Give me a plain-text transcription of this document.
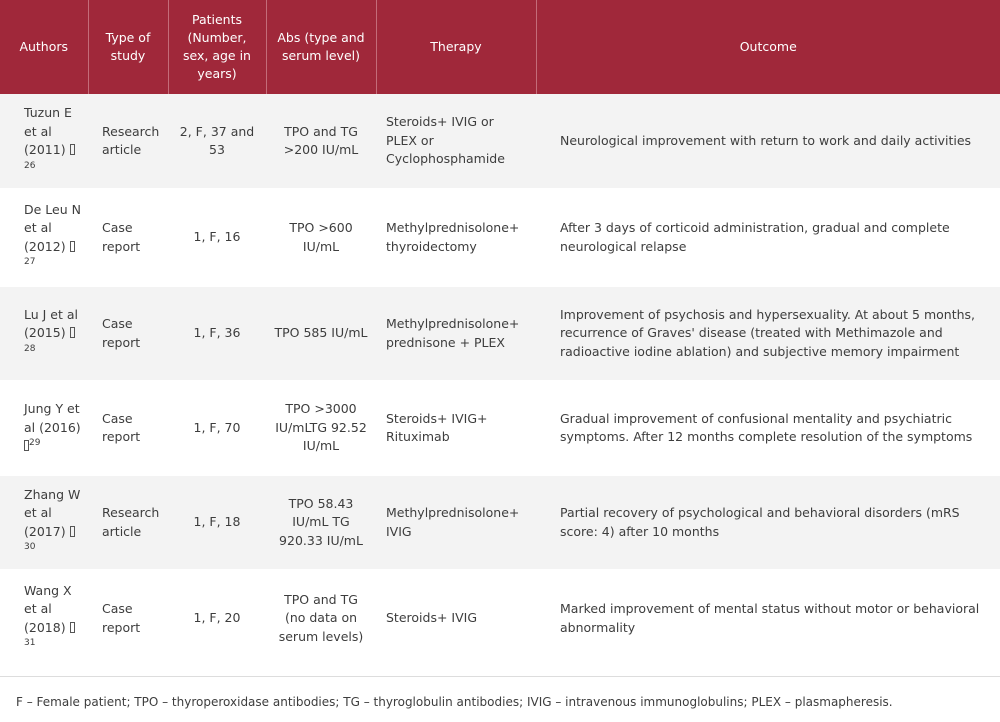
Authors	Type of study	Patients (Number, sex, age in years)	Abs (type and serum level)	Therapy	Outcome
Tuzun E et al (2011) $^{26}$	Research article	2, F, 37 and 53	TPO and TG >200 IU/mL	Steroids+ IVIG or PLEX or Cyclophosphamide	Neurological improvement with return to work and daily activities
De Leu N et al (2012) $^{27}$	Case report	1, F, 16	TPO >600 IU/mL	Methylprednisolone+ thyroidectomy	After 3 days of corticoid administration, gradual and complete neurological relapse
Lu J et al (2015) $^{28}$	Case report	1, F, 36	TPO 585 IU/mL	Methylprednisolone+ prednisone + PLEX	Improvement of psychosis and hypersexuality. At about 5 months, recurrence of Graves' disease (treated with Methimazole and radioactive iodine ablation) and subjective memory impairment
Jung Y et al (2016) $^{29}$	Case report	1, F, 70	TPO >3000 IU/mLTG 92.52 IU/mL	Steroids+ IVIG+ Rituximab	Gradual improvement of confusional mentality and psychiatric symptoms. After 12 months complete resolution of the symptoms
Zhang W et al (2017) $^{30}$	Research article	1, F, 18	TPO 58.43 IU/mL TG 920.33 IU/mL	Methylprednisolone+ IVIG	Partial recovery of psychological and behavioral disorders (mRS score: 4) after 10 months
Wang X et al (2018) $^{31}$	Case report	1, F, 20	TPO and TG (no data on serum levels)	Steroids+ IVIG	Marked improvement of mental status without motor or behavioral abnormality
F – Female patient; TPO – thyroperoxidase antibodies; TG – thyroglobulin antibodies; IVIG – intravenous immunoglobulins; PLEX – plasmapheresis.
